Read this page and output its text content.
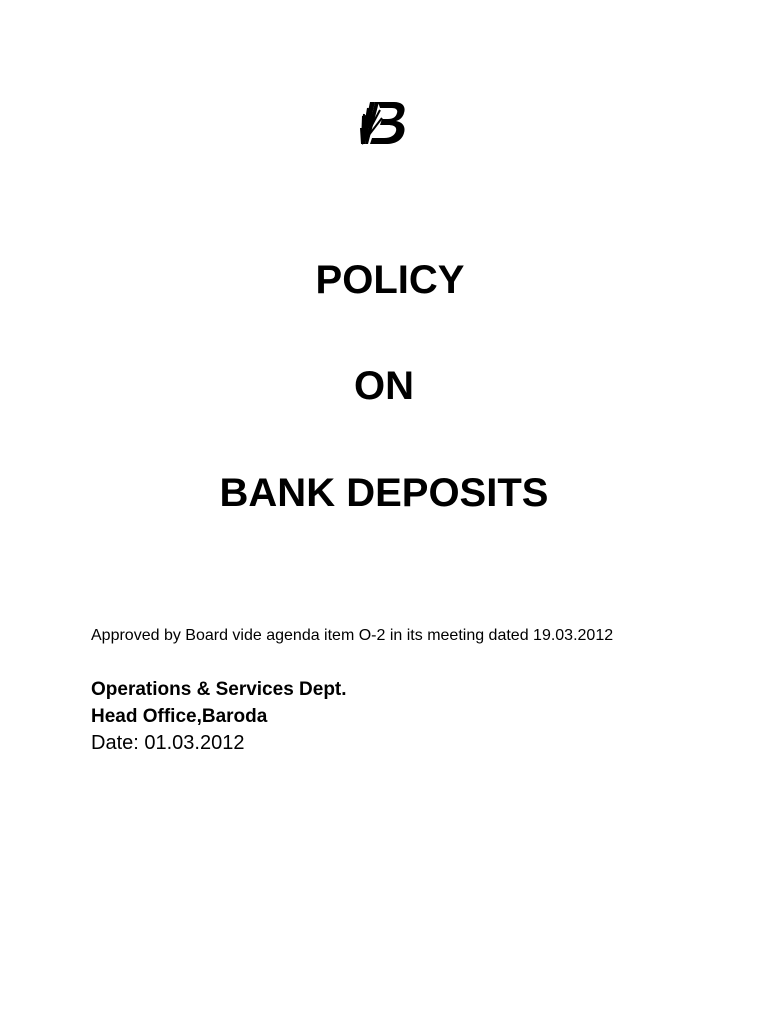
POLICY
ON
BANK DEPOSITS
Approved by Board vide agenda item O-2 in its meeting dated 19.03.2012
Operations & Services Dept.
Head Office,Baroda
Date: 01.03.2012
